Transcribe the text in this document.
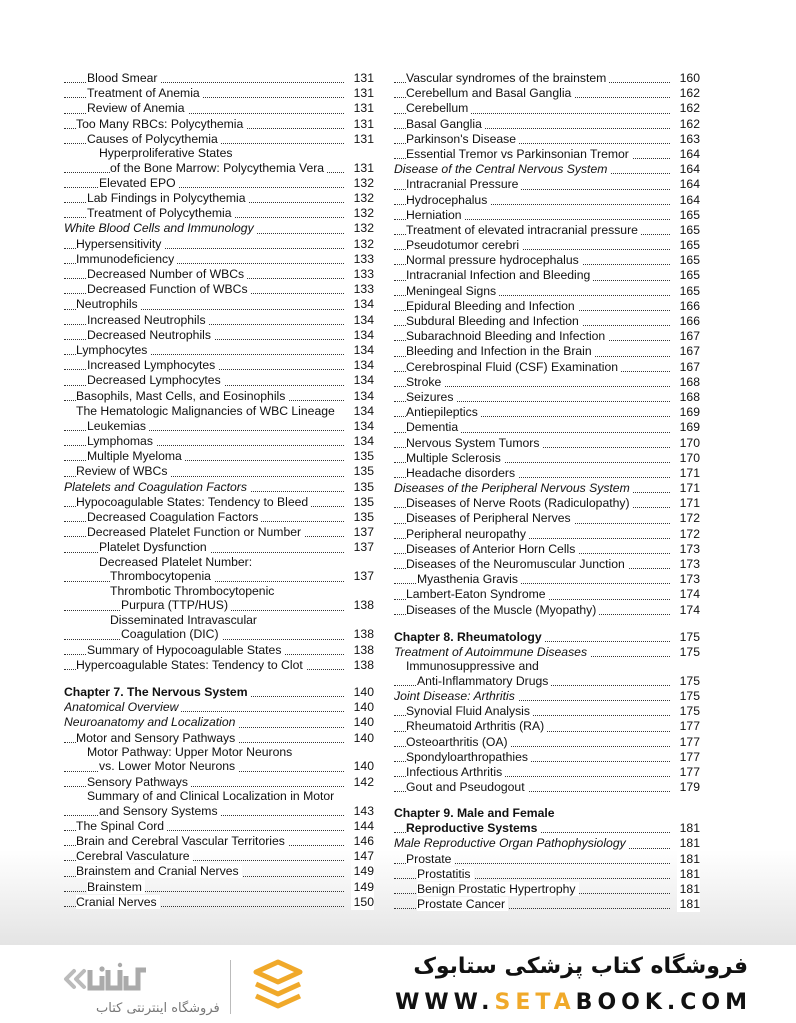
Blood Smear	131
Treatment of Anemia	131
Review of Anemia	131
Too Many RBCs: Polycythemia	131
Causes of Polycythemia	131
Hyperproliferative States
of the Bone Marrow: Polycythemia Vera 131
Elevated EPO	132
Lab Findings in Polycythemia	132
Treatment of Polycythemia	132
White Blood Cells and Immunology	132
Hypersensitivity	132
Immunodeficiency	133
Decreased Number of WBCs	133
Decreased Function of WBCs	133
Neutrophils	134
Increased Neutrophils	134
Decreased Neutrophils	134
Lymphocytes	134
Increased Lymphocytes	134
Decreased Lymphocytes	134
Basophils, Mast Cells, and Eosinophils	134
The Hematologic Malignancies of WBC Lineage 134
Leukemias	134
Lymphomas	134
Multiple Myeloma	135
Review of WBCs	135
Platelets and Coagulation Factors	135
Hypocoagulable States: Tendency to Bleed	135
Decreased Coagulation Factors	135
Decreased Platelet Function or Number	137
Platelet Dysfunction	137
Decreased Platelet Number:
Thrombocytopenia	137
Thrombotic Thrombocytopenic
Purpura (TTP/HUS)	138
Disseminated Intravascular
Coagulation (DIC)	138
Summary of Hypocoagulable States	138
Hypercoagulable States: Tendency to Clot	138
Chapter 7. The Nervous System	140
Anatomical Overview	140
Neuroanatomy and Localization	140
Motor and Sensory Pathways	140
Motor Pathway: Upper Motor Neurons
vs. Lower Motor Neurons	140
Sensory Pathways	142
Summary of and Clinical Localization in Motor
and Sensory Systems	143
The Spinal Cord	144
Brain and Cerebral Vascular Territories	146
Cerebral Vasculature	147
Brainstem and Cranial Nerves	149
Brainstem	149
Cranial Nerves	150
Vascular syndromes of the brainstem	160
Cerebellum and Basal Ganglia	162
Cerebellum	162
Basal Ganglia	162
Parkinson's Disease	163
Essential Tremor vs Parkinsonian Tremor	164
Disease of the Central Nervous System	164
Intracranial Pressure	164
Hydrocephalus	164
Herniation	165
Treatment of elevated intracranial pressure	165
Pseudotumor cerebri	165
Normal pressure hydrocephalus	165
Intracranial Infection and Bleeding	165
Meningeal Signs	165
Epidural Bleeding and Infection	166
Subdural Bleeding and Infection	166
Subarachnoid Bleeding and Infection	167
Bleeding and Infection in the Brain	167
Cerebrospinal Fluid (CSF) Examination	167
Stroke	168
Seizures	168
Antiepileptics	169
Dementia	169
Nervous System Tumors	170
Multiple Sclerosis	170
Headache disorders	171
Diseases of the Peripheral Nervous System	171
Diseases of Nerve Roots (Radiculopathy)	171
Diseases of Peripheral Nerves	172
Peripheral neuropathy	172
Diseases of Anterior Horn Cells	173
Diseases of the Neuromuscular Junction	173
Myasthenia Gravis	173
Lambert-Eaton Syndrome	174
Diseases of the Muscle (Myopathy)	174
Chapter 8. Rheumatology	175
Treatment of Autoimmune Diseases	175
Immunosuppressive and
Anti-Inflammatory Drugs	175
Joint Disease: Arthritis	175
Synovial Fluid Analysis	175
Rheumatoid Arthritis (RA)	177
Osteoarthritis (OA)	177
Spondyloarthropathies	177
Infectious Arthritis	177
Gout and Pseudogout	179
Chapter 9. Male and Female
Reproductive Systems	181
Male Reproductive Organ Pathophysiology	181
Prostate	181
Prostatitis	181
Benign Prostatic Hypertrophy	181
Prostate Cancer	181
فروشگاه اینترنتی کتاب
فروشگاه کتاب پزشکی ستابوک
WWW.SETABOOK.COM
